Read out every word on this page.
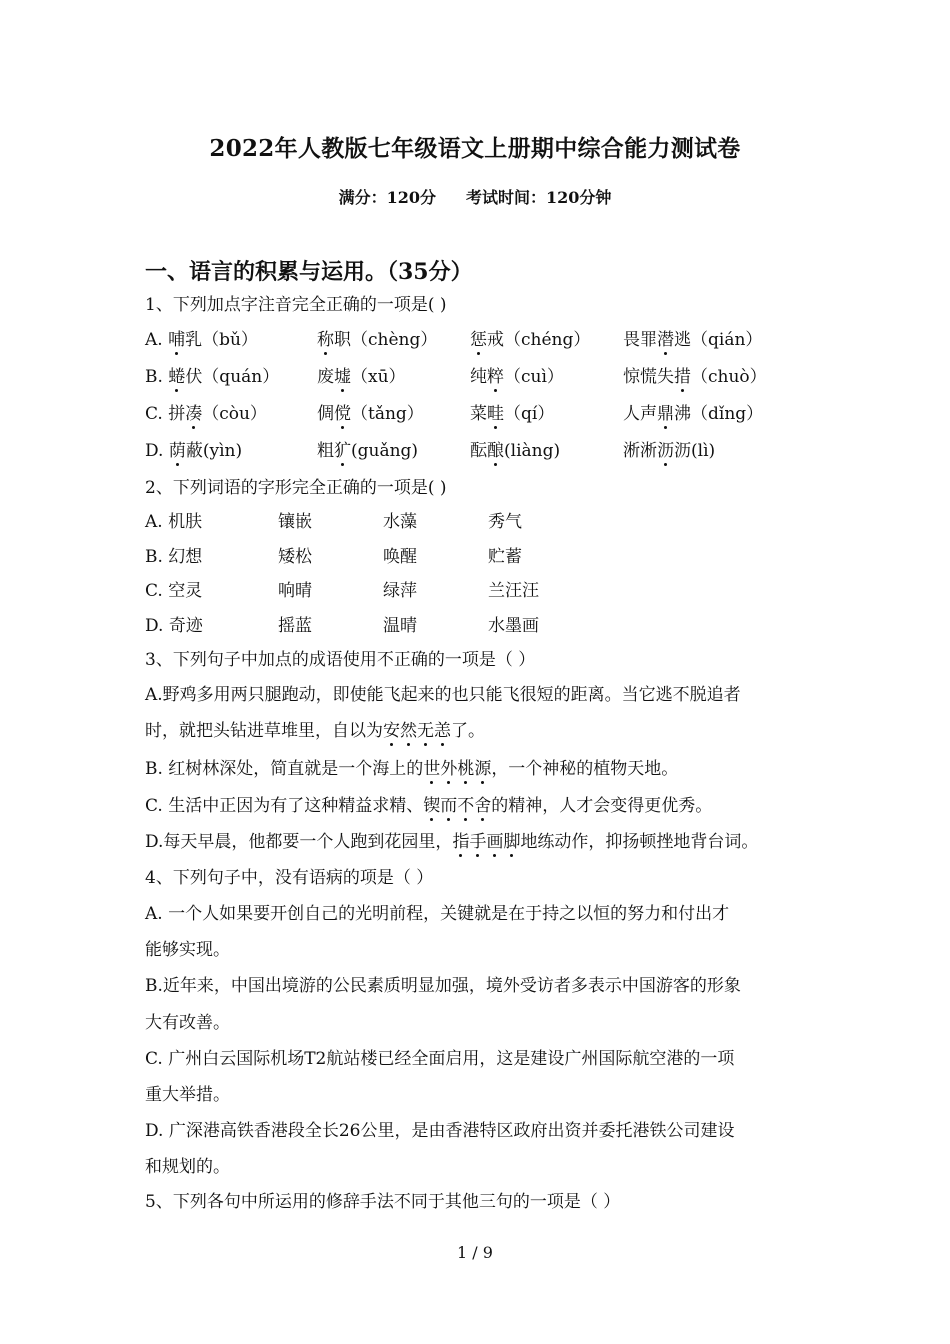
2022年人教版七年级语文上册期中综合能力测试卷
满分：120分 考试时间：120分钟
一、语言的积累与运用。（35分）
1、下列加点字注音完全正确的一项是( )
A. 哺乳（bǔ）	称职（chèng） 惩戒（chéng） 畏罪潜逃（qián）
B. 蜷伏（quán） 废墟（xū）	纯粹（cuì）	惊慌失措（chuò）
C. 拼凑（còu）	倜傥（tǎng）	菜畦（qí）	人声鼎沸（dǐng）
D. 荫蔽(yìn)	粗犷(guǎng)	酝酿(liàng)	淅淅沥沥(lì)
2、下列词语的字形完全正确的一项是( )
A. 机肤	镶嵌	水藻	秀气
B. 幻想	矮松	唤醒	贮蓄
C. 空灵	响晴	绿萍	兰汪汪
D. 奇迹	摇蓝	温晴	水墨画
3、下列句子中加点的成语使用不正确的一项是（ ）
A.野鸡多用两只腿跑动，即使能飞起来的也只能飞很短的距离。当它逃不脱追者
时，就把头钻进草堆里，自以为安然无恙了。
B. 红树林深处，简直就是一个海上的世外桃源，一个神秘的植物天地。
C. 生活中正因为有了这种精益求精、锲而不舍的精神，人才会变得更优秀。
D.每天早晨，他都要一个人跑到花园里，指手画脚地练动作，抑扬顿挫地背台词。
4、下列句子中，没有语病的项是（ ）
A. 一个人如果要开创自己的光明前程，关键就是在于持之以恒的努力和付出才
能够实现。
B.近年来，中国出境游的公民素质明显加强，境外受访者多表示中国游客的形象
大有改善。
C. 广州白云国际机场T2航站楼已经全面启用，这是建设广州国际航空港的一项
重大举措。
D. 广深港高铁香港段全长26公里，是由香港特区政府出资并委托港铁公司建设
和规划的。
5、下列各句中所运用的修辞手法不同于其他三句的一项是（ ）
1 / 9
